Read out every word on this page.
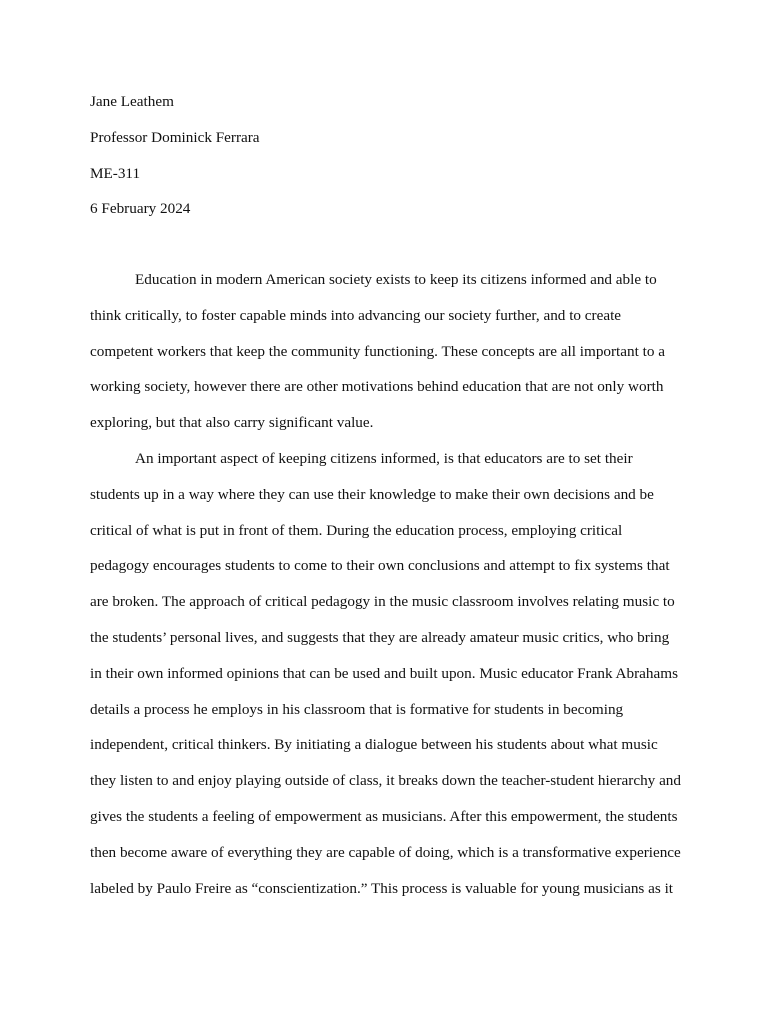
Jane Leathem
Professor Dominick Ferrara
ME-311
6 February 2024
Education in modern American society exists to keep its citizens informed and able to
think critically, to foster capable minds into advancing our society further, and to create
competent workers that keep the community functioning. These concepts are all important to a
working society, however there are other motivations behind education that are not only worth
exploring, but that also carry significant value.
An important aspect of keeping citizens informed, is that educators are to set their
students up in a way where they can use their knowledge to make their own decisions and be
critical of what is put in front of them. During the education process, employing critical
pedagogy encourages students to come to their own conclusions and attempt to fix systems that
are broken. The approach of critical pedagogy in the music classroom involves relating music to
the students’ personal lives, and suggests that they are already amateur music critics, who bring
in their own informed opinions that can be used and built upon. Music educator Frank Abrahams
details a process he employs in his classroom that is formative for students in becoming
independent, critical thinkers. By initiating a dialogue between his students about what music
they listen to and enjoy playing outside of class, it breaks down the teacher-student hierarchy and
gives the students a feeling of empowerment as musicians. After this empowerment, the students
then become aware of everything they are capable of doing, which is a transformative experience
labeled by Paulo Freire as “conscientization.” This process is valuable for young musicians as it
